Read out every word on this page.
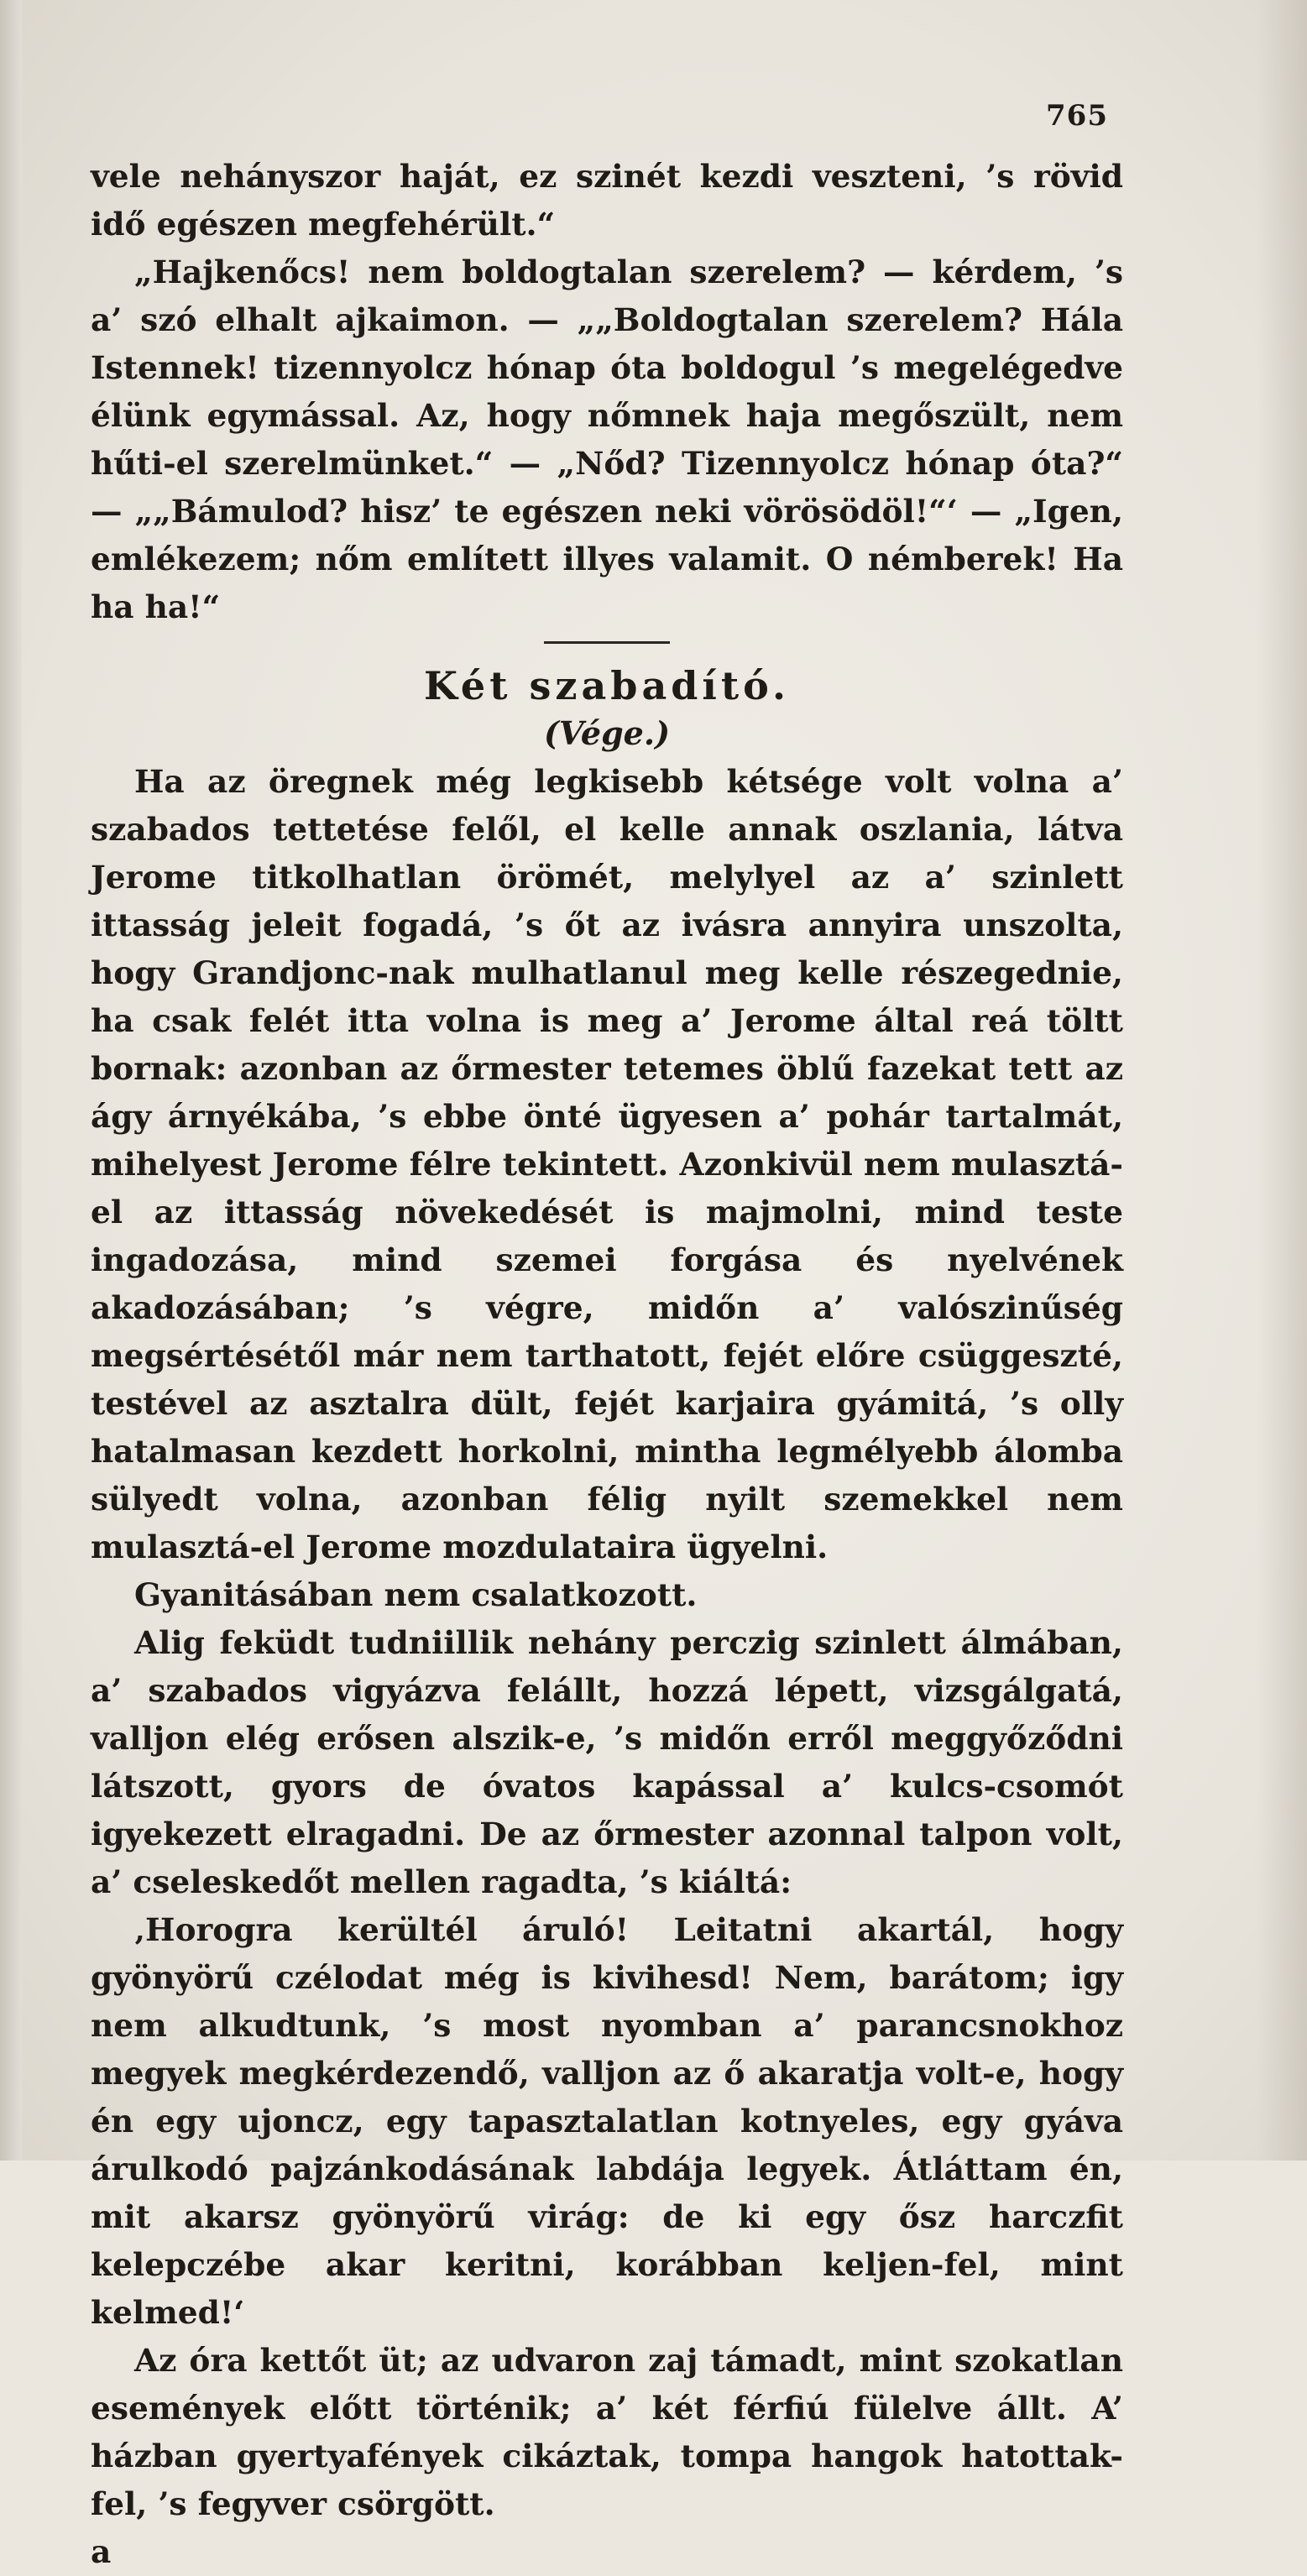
765

vele nehányszor haját, ez szinét kezdi veszteni, ’s rövid idő egészen megfehérült.“

„Hajkenőcs! nem boldogtalan szerelem? — kérdem, ’s a’ szó elhalt ajkaimon. — „„Boldogtalan szerelem? Hála Istennek! tizennyolcz hónap óta boldogul ’s megelégedve élünk egymással. Az, hogy nőmnek haja megőszült, nem hűti-el szerelmünket.“ — „Nőd? Tizennyolcz hónap óta?“ — „„Bámulod? hisz’ te egészen neki vörösödöl!“‘ — „Igen, emlékezem; nőm említett illyes valamit. O némberek! Ha ha ha!“

Két szabadító.
(Vége.)

Ha az öregnek még legkisebb kétsége volt volna a’ szabados tettetése felől, el kelle annak oszlania, látva Jerome titkolhatlan örömét, melylyel az a’ szinlett ittasság jeleit fogadá, ’s őt az ivásra annyira unszolta, hogy Grandjonc-nak mulhatlanul meg kelle részegednie, ha csak felét itta volna is meg a’ Jerome által reá töltt bornak: azonban az őrmester tetemes öblű fazekat tett az ágy árnyékába, ’s ebbe önté ügyesen a’ pohár tartalmát, mihelyest Jerome félre tekintett. Azonkivül nem mulasztá-el az ittasság növekedését is majmolni, mind teste ingadozása, mind szemei forgása és nyelvének akadozásában; ’s végre, midőn a’ valószinűség megsértésétől már nem tarthatott, fejét előre csüggeszté, testével az asztalra dült, fejét karjaira gyámitá, ’s olly hatalmasan kezdett horkolni, mintha legmélyebb álomba sülyedt volna, azonban félig nyilt szemekkel nem mulasztá-el Jerome mozdulataira ügyelni.

Gyanitásában nem csalatkozott.

Alig feküdt tudniillik nehány perczig szinlett álmában, a’ szabados vigyázva felállt, hozzá lépett, vizsgálgatá, valljon elég erősen alszik-e, ’s midőn erről meggyőződni látszott, gyors de óvatos kapással a’ kulcs-csomót igyekezett elragadni. De az őrmester azonnal talpon volt, a’ cseleskedőt mellen ragadta, ’s kiáltá:

‚Horogra kerültél áruló! Leitatni akartál, hogy gyönyörű czélodat még is kivihesd! Nem, barátom; igy nem alkudtunk, ’s most nyomban a’ parancsnokhoz megyek megkérdezendő, valljon az ő akaratja volt-e, hogy én egy ujoncz, egy tapasztalatlan kotnyeles, egy gyáva árulkodó pajzánkodásának labdája legyek. Átláttam én, mit akarsz gyönyörű virág: de ki egy ősz harczfit kelepczébe akar keritni, korábban keljen-fel, mint kelmed!‘

Az óra kettőt üt; az udvaron zaj támadt, mint szokatlan események előtt történik; a’ két férfiú fülelve állt. A’ házban gyertyafények cikáztak, tompa hangok hatottak-fel, ’s fegyver csörgött.

a
